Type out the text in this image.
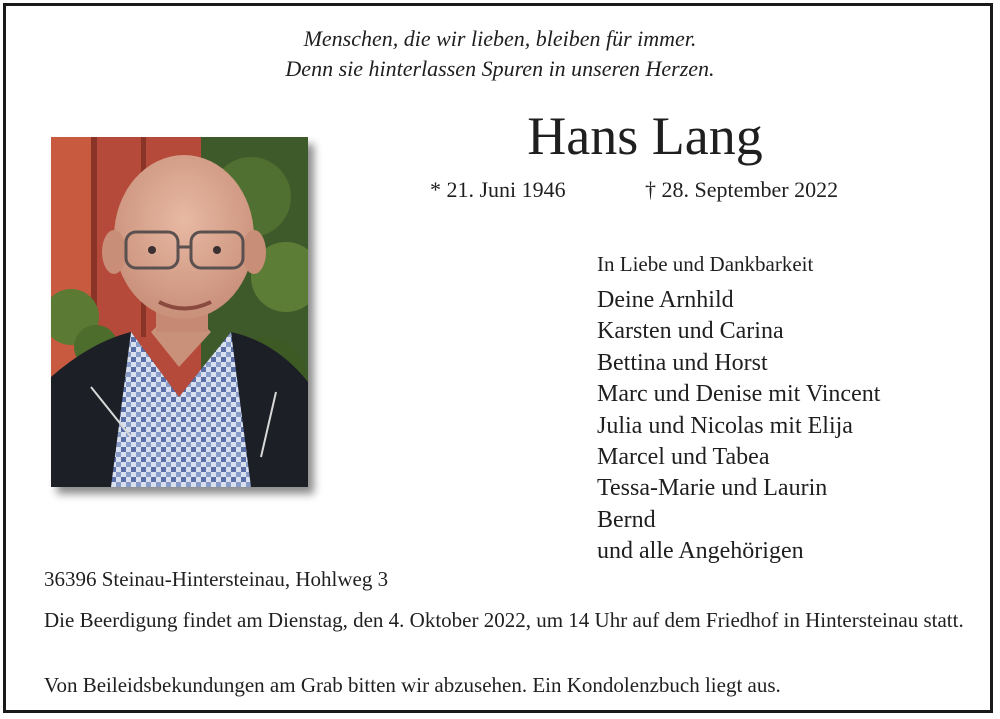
Menschen, die wir lieben, bleiben für immer.
Denn sie hinterlassen Spuren in unseren Herzen.
Hans Lang
* 21. Juni 1946	† 28. September 2022
In Liebe und Dankbarkeit
Deine Arnhild
Karsten und Carina
Bettina und Horst
Marc und Denise mit Vincent
Julia und Nicolas mit Elija
Marcel und Tabea
Tessa-Marie und Laurin
Bernd
und alle Angehörigen
36396 Steinau-Hintersteinau, Hohlweg 3
Die Beerdigung findet am Dienstag, den 4. Oktober 2022, um 14 Uhr auf dem Friedhof in Hintersteinau statt.
Von Beileidsbekundungen am Grab bitten wir abzusehen. Ein Kondolenzbuch liegt aus.
